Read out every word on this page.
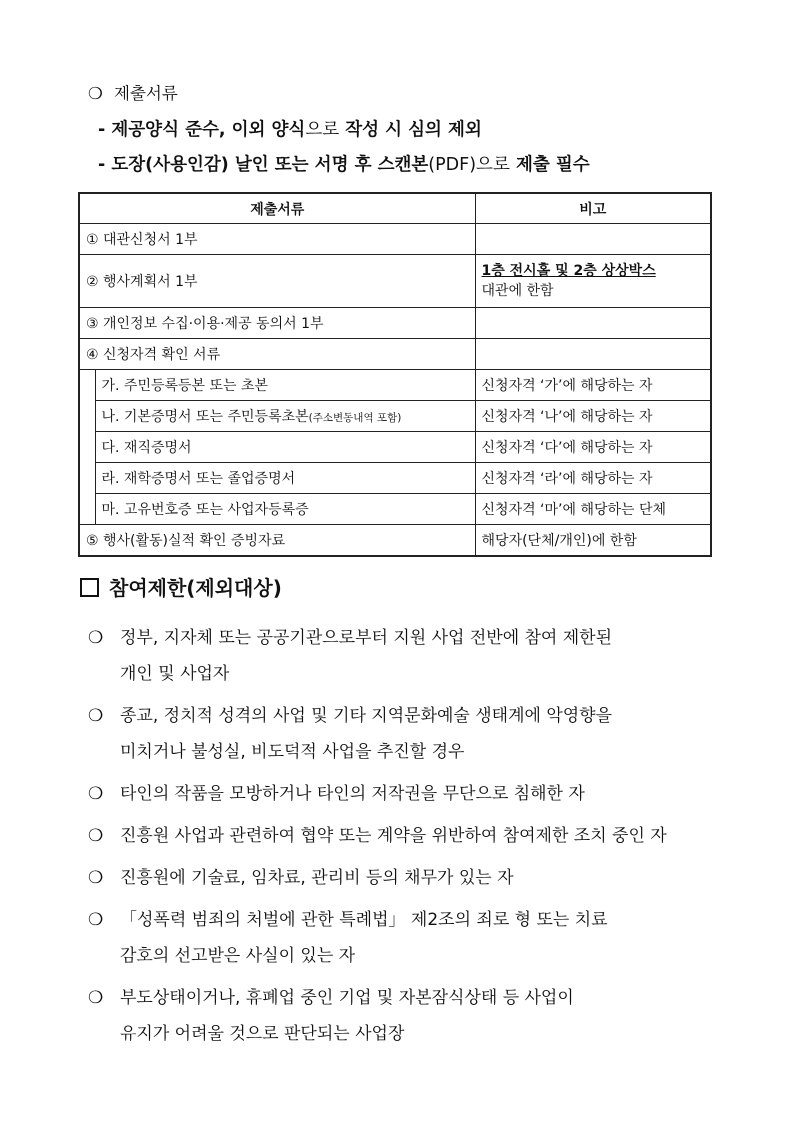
❍ 제출서류
- 제공양식 준수, 이외 양식으로 작성 시 심의 제외
- 도장(사용인감) 날인 또는 서명 후 스캔본(PDF)으로 제출 필수
제출서류		비고
① 대관신청서 1부		
② 행사계획서 1부		1층 전시홀 및 2층 상상박스
대관에 한함
③ 개인정보 수집·이용·제공 동의서 1부		
④ 신청자격 확인 서류		
	가. 주민등록등본 또는 초본	신청자격 ‘가’에 해당하는 자
	나. 기본증명서 또는 주민등록초본(주소변동내역 포함)	신청자격 ‘나’에 해당하는 자
	다. 재직증명서	신청자격 ‘다’에 해당하는 자
	라. 재학증명서 또는 졸업증명서	신청자격 ‘라’에 해당하는 자
	마. 고유번호증 또는 사업자등록증	신청자격 ‘마’에 해당하는 단체
⑤ 행사(활동)실적 확인 증빙자료		해당자(단체/개인)에 한함
참여제한(제외대상)
❍ 정부, 지자체 또는 공공기관으로부터 지원 사업 전반에 참여 제한된
개인 및 사업자
❍ 종교, 정치적 성격의 사업 및 기타 지역문화예술 생태계에 악영향을
미치거나 불성실, 비도덕적 사업을 추진할 경우
❍ 타인의 작품을 모방하거나 타인의 저작권을 무단으로 침해한 자
❍ 진흥원 사업과 관련하여 협약 또는 계약을 위반하여 참여제한 조치 중인 자
❍ 진흥원에 기술료, 임차료, 관리비 등의 채무가 있는 자
❍ 「성폭력 범죄의 처벌에 관한 특례법」 제2조의 죄로 형 또는 치료
감호의 선고받은 사실이 있는 자
❍ 부도상태이거나, 휴폐업 중인 기업 및 자본잠식상태 등 사업이
유지가 어려울 것으로 판단되는 사업장
